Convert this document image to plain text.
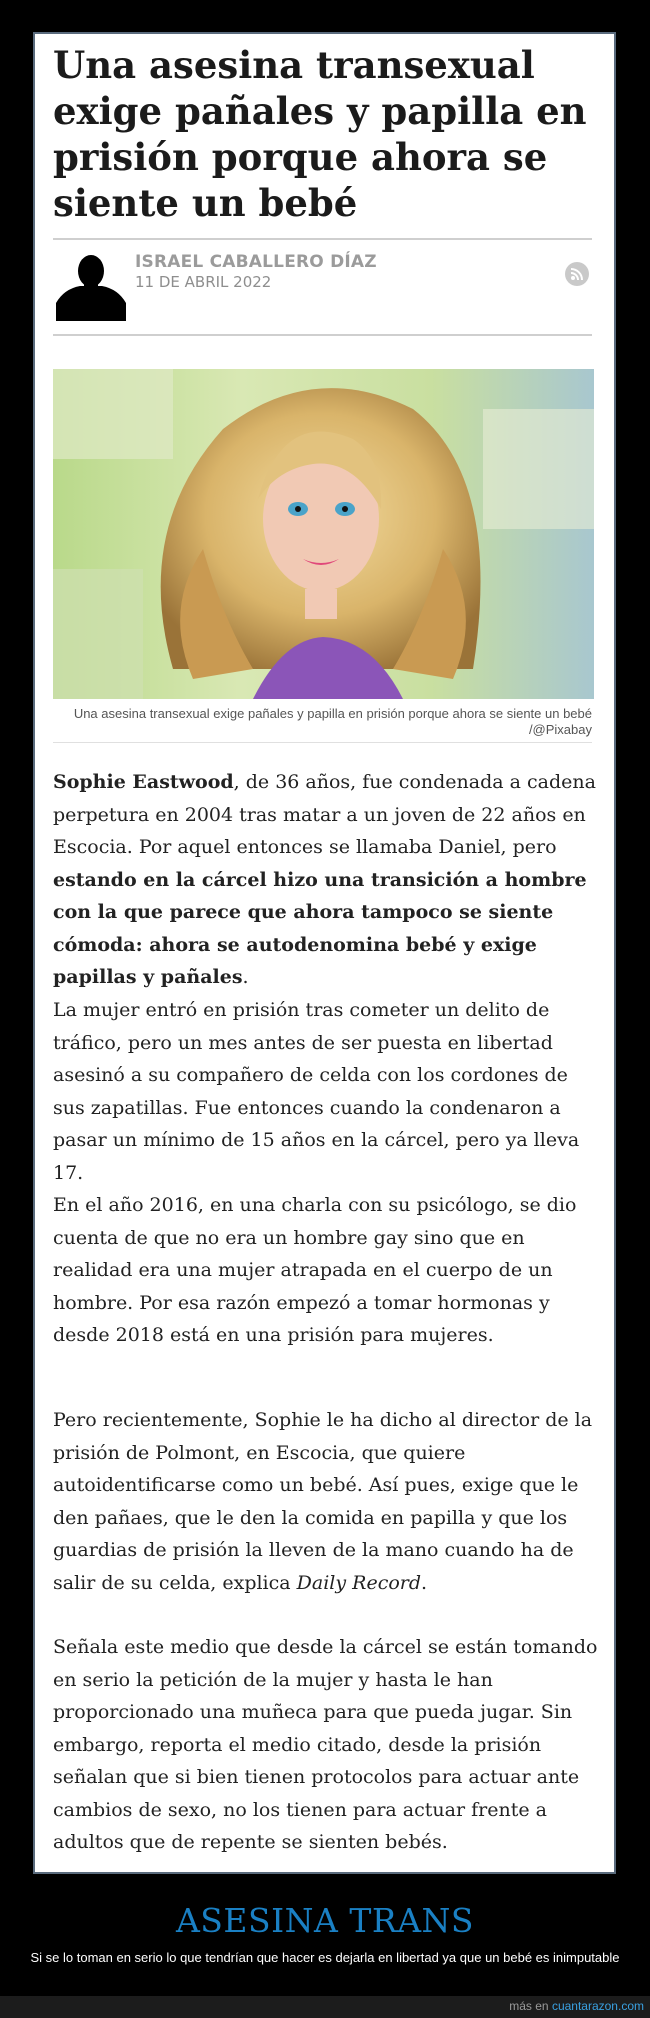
Una asesina transexual exige pañales y papilla en prisión porque ahora se siente un bebé
ISRAEL CABALLERO DÍAZ
11 DE ABRIL 2022
Una asesina transexual exige pañales y papilla en prisión porque ahora se siente un bebé /@Pixabay

Sophie Eastwood, de 36 años, fue condenada a cadena perpetura en 2004 tras matar a un joven de 22 años en Escocia. Por aquel entonces se llamaba Daniel, pero estando en la cárcel hizo una transición a hombre con la que parece que ahora tampoco se siente cómoda: ahora se autodenomina bebé y exige papillas y pañales.

La mujer entró en prisión tras cometer un delito de tráfico, pero un mes antes de ser puesta en libertad asesinó a su compañero de celda con los cordones de sus zapatillas. Fue entonces cuando la condenaron a pasar un mínimo de 15 años en la cárcel, pero ya lleva 17.

En el año 2016, en una charla con su psicólogo, se dio cuenta de que no era un hombre gay sino que en realidad era una mujer atrapada en el cuerpo de un hombre. Por esa razón empezó a tomar hormonas y desde 2018 está en una prisión para mujeres.

Pero recientemente, Sophie le ha dicho al director de la prisión de Polmont, en Escocia, que quiere autoidentificarse como un bebé. Así pues, exige que le den pañaes, que le den la comida en papilla y que los guardias de prisión la lleven de la mano cuando ha de salir de su celda, explica Daily Record.

Señala este medio que desde la cárcel se están tomando en serio la petición de la mujer y hasta le han proporcionado una muñeca para que pueda jugar. Sin embargo, reporta el medio citado, desde la prisión señalan que si bien tienen protocolos para actuar ante cambios de sexo, no los tienen para actuar frente a adultos que de repente se sienten bebés.

ASESINA TRANS
Si se lo toman en serio lo que tendrían que hacer es dejarla en libertad ya que un bebé es inimputable
más en cuantarazon.com
